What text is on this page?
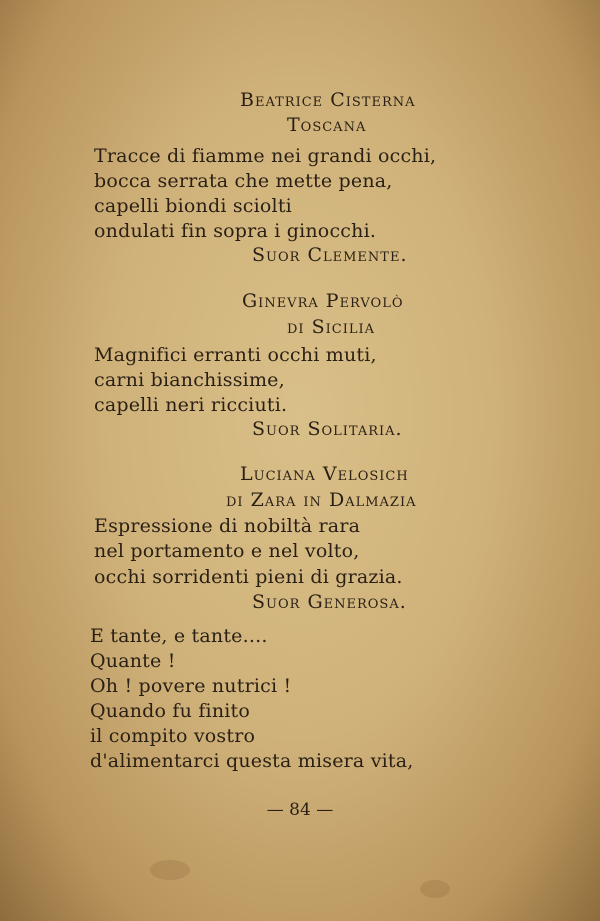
Beatrice Cisterna
Toscana
Tracce di fiamme nei grandi occhi,
bocca serrata che mette pena,
capelli biondi sciolti
ondulati fin sopra i ginocchi.
Suor Clemente.
Ginevra Pervolò
di Sicilia
Magnifici erranti occhi muti,
carni bianchissime,
capelli neri ricciuti.
Suor Solitaria.
Luciana Velosich
di Zara in Dalmazia
Espressione di nobiltà rara
nel portamento e nel volto,
occhi sorridenti pieni di grazia.
Suor Generosa.
E tante, e tante....
Quante !
Oh ! povere nutrici !
Quando fu finito
il compito vostro
d'alimentarci questa misera vita,
— 84 —
